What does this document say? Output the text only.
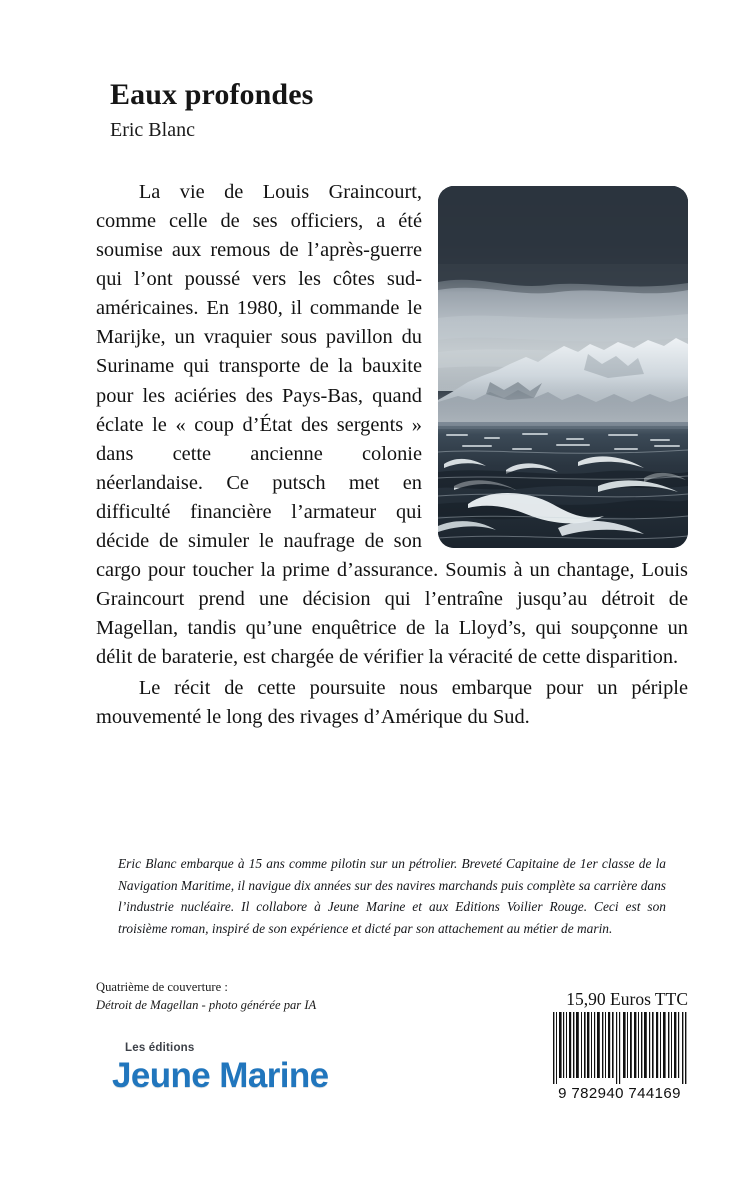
Eaux profondes
Eric Blanc

La vie de Louis Graincourt, comme celle de ses officiers, a été soumise aux remous de l’après-guerre qui l’ont poussé vers les côtes sud-américaines. En 1980, il commande le Marijke, un vraquier sous pavillon du Suriname qui transporte de la bauxite pour les aciéries des Pays-Bas, quand éclate le « coup d’État des sergents » dans cette ancienne colonie néerlandaise. Ce putsch met en difficulté financière l’armateur qui décide de simuler le naufrage de son cargo pour toucher la prime d’assurance. Soumis à un chantage, Louis Graincourt prend une décision qui l’entraîne jusqu’au détroit de Magellan, tandis qu’une enquêtrice de la Lloyd’s, qui soupçonne un délit de baraterie, est chargée de vérifier la véracité de cette disparition.

Le récit de cette poursuite nous embarque pour un périple mouvementé le long des rivages d’Amérique du Sud.

Eric Blanc embarque à 15 ans comme pilotin sur un pétrolier. Breveté Capitaine de 1er classe de la Navigation Maritime, il navigue dix années sur des navires marchands puis complète sa carrière dans l’industrie nucléaire. Il collabore à Jeune Marine et aux Editions Voilier Rouge. Ceci est son troisième roman, inspiré de son expérience et dicté par son attachement au métier de marin.

Quatrième de couverture :
Détroit de Magellan - photo générée par IA
Les éditions
Jeune Marine
15,90 Euros TTC
9 782940 744169
